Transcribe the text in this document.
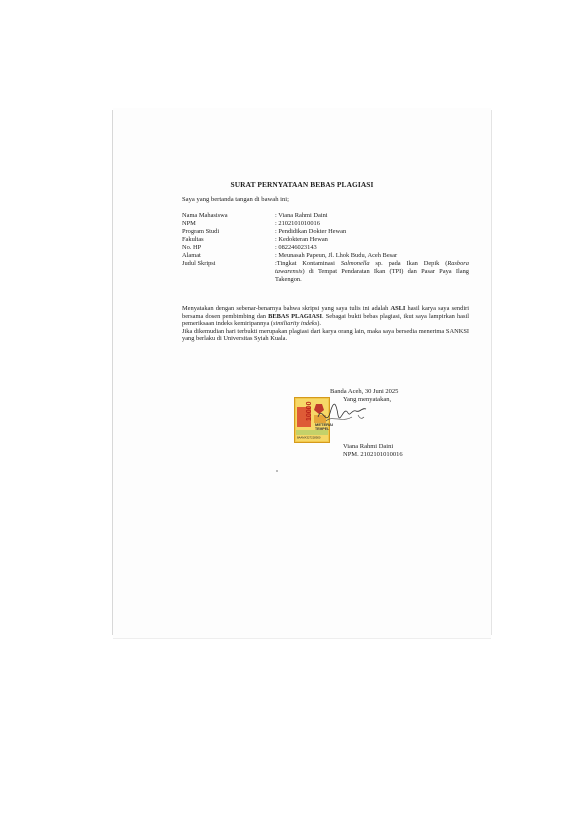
SURAT PERNYATAAN BEBAS PLAGIASI
Saya yang bertanda tangan di bawah ini;
Nama Mahasiswa	: Viana Rahmi Daini
NPM	: 2102101010016
Program Studi	: Pendidikan Dokter Hewan
Fakultas	: Kedokteran Hewan
No. HP	: 082246023143
Alamat	: Meunasah Papeun, Jl. Lhok Budu, Aceh Besar
Judul Skripsi	:Tingkat Kontaminasi Salmonella sp. pada Ikan Depik (Rasbora tawarensis) di Tempat Pendaratan Ikan (TPI) dan Pasar Paya Ilang Takengon.
Menyatakan dengan sebenar-benarnya bahwa skripsi yang saya tulis ini adalah ASLI hasil karya saya sendiri bersama dosen pembimbing dan BEBAS PLAGIASI. Sebagai bukti bebas plagiasi, ikut saya lampirkan hasil pemeriksaan indeks kemiripannya (similiarity indeks).
Jika dikemudian hari terbukti merupakan plagiasi dari karya orang lain, maka saya bersedia menerima SANKSI yang berlaku di Universitas Syiah Kuala.
Banda Aceh, 30 Juni 2025
Yang menyatakan,
Viana Rahmi Daini
NPM. 2102101010016
10000
METERAI
TEMPEL
8AAMX327228500
